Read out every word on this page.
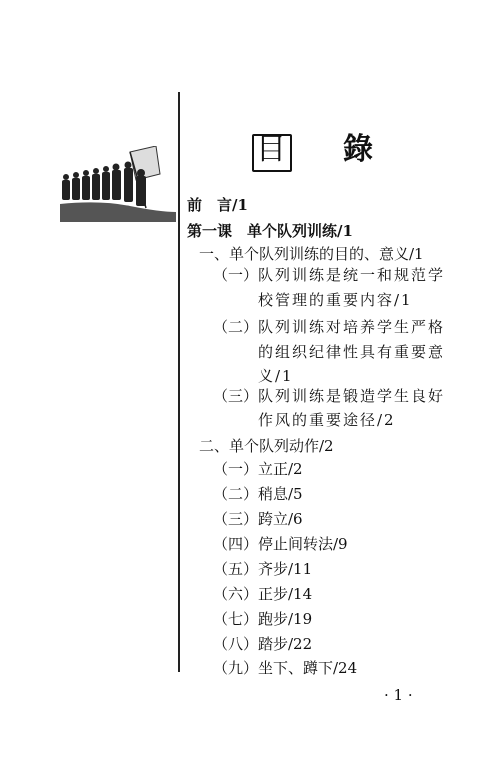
目 錄
前　言/1
第一课　单个队列训练/1
一、单个队列训练的目的、意义/1
（一） 队列训练是统一和规范学
校管理的重要内容/1
（二） 队列训练对培养学生严格
的组织纪律性具有重要意
义/1
（三） 队列训练是锻造学生良好
作风的重要途径/2
二、单个队列动作/2
（一） 立正/2
（二） 稍息/5
（三） 跨立/6
（四） 停止间转法/9
（五） 齐步/11
（六） 正步/14
（七） 跑步/19
（八） 踏步/22
（九） 坐下、蹲下/24
· 1 ·
